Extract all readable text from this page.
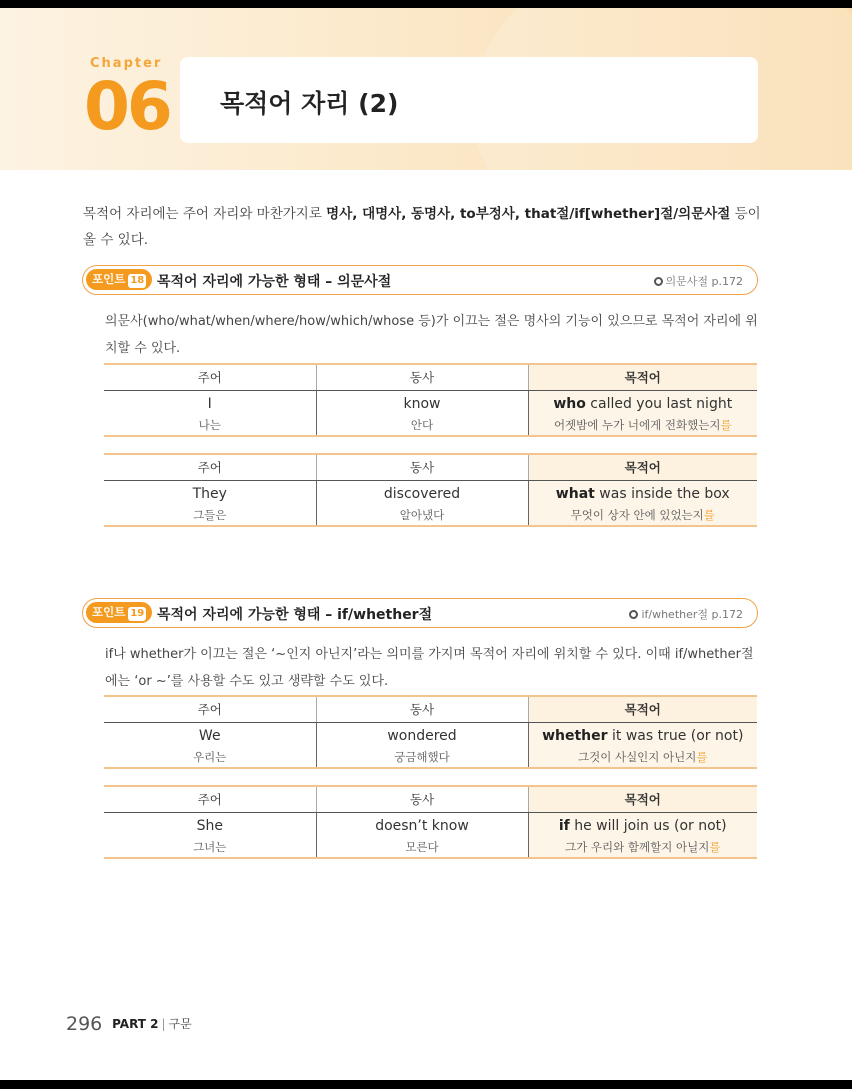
Chapter
06 목적어 자리 (2)
목적어 자리에는 주어 자리와 마찬가지로 명사, 대명사, 동명사, to부정사, that절/if[whether]절/의문사절 등이 올 수 있다.
포인트 18 목적어 자리에 가능한 형태 – 의문사절	의문사절 p.172
의문사(who/what/when/where/how/which/whose 등)가 이끄는 절은 명사의 기능이 있으므로 목적어 자리에 위치할 수 있다.
주어	동사	목적어
I	know	who called you last night
나는	안다	어젯밤에 누가 너에게 전화했는지를
주어	동사	목적어
They	discovered	what was inside the box
그들은	알아냈다	무엇이 상자 안에 있었는지를
포인트 19 목적어 자리에 가능한 형태 – if/whether절	if/whether절 p.172
if나 whether가 이끄는 절은 ‘~인지 아닌지’라는 의미를 가지며 목적어 자리에 위치할 수 있다. 이때 if/whether절에는 ‘or ~’를 사용할 수도 있고 생략할 수도 있다.
주어	동사	목적어
We	wondered	whether it was true (or not)
우리는	궁금해했다	그것이 사실인지 아닌지를
주어	동사	목적어
She	doesn’t know	if he will join us (or not)
그녀는	모른다	그가 우리와 함께할지 아닐지를
296 PART 2 | 구문
